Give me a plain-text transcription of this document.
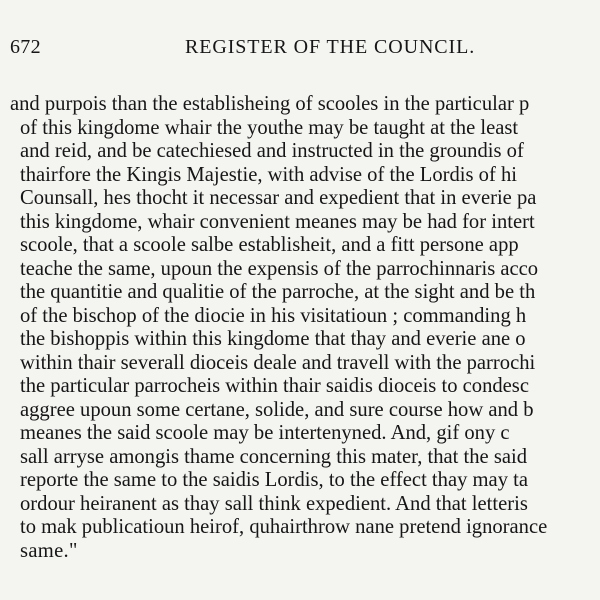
672	REGISTER OF THE COUNCIL.
and purpois than the establisheing of scooles in the particular p
of this kingdome whair the youthe may be taught at the least
and reid, and be catechiesed and instructed in the groundis of
thairfore the Kingis Majestie, with advise of the Lordis of hi
Counsall, hes thocht it necessar and expedient that in everie pa
this kingdome, whair convenient meanes may be had for intert
scoole, that a scoole salbe establisheit, and a fitt persone app
teache the same, upoun the expensis of the parrochinnaris acco
the quantitie and qualitie of the parroche, at the sight and be th
of the bischop of the diocie in his visitatioun ; commanding h
the bishoppis within this kingdome that thay and everie ane o
within thair severall dioceis deale and travell with the parrochi
the particular parrocheis within thair saidis dioceis to condesc
aggree upoun some certane, solide, and sure course how and b
meanes the said scoole may be intertenyned. And, gif ony c
sall arryse amongis thame concerning this mater, that the said
reporte the same to the saidis Lordis, to the effect thay may ta
ordour heiranent as thay sall think expedient. And that letteris
to mak publicatioun heirof, quhairthrow nane pretend ignorance
same."
